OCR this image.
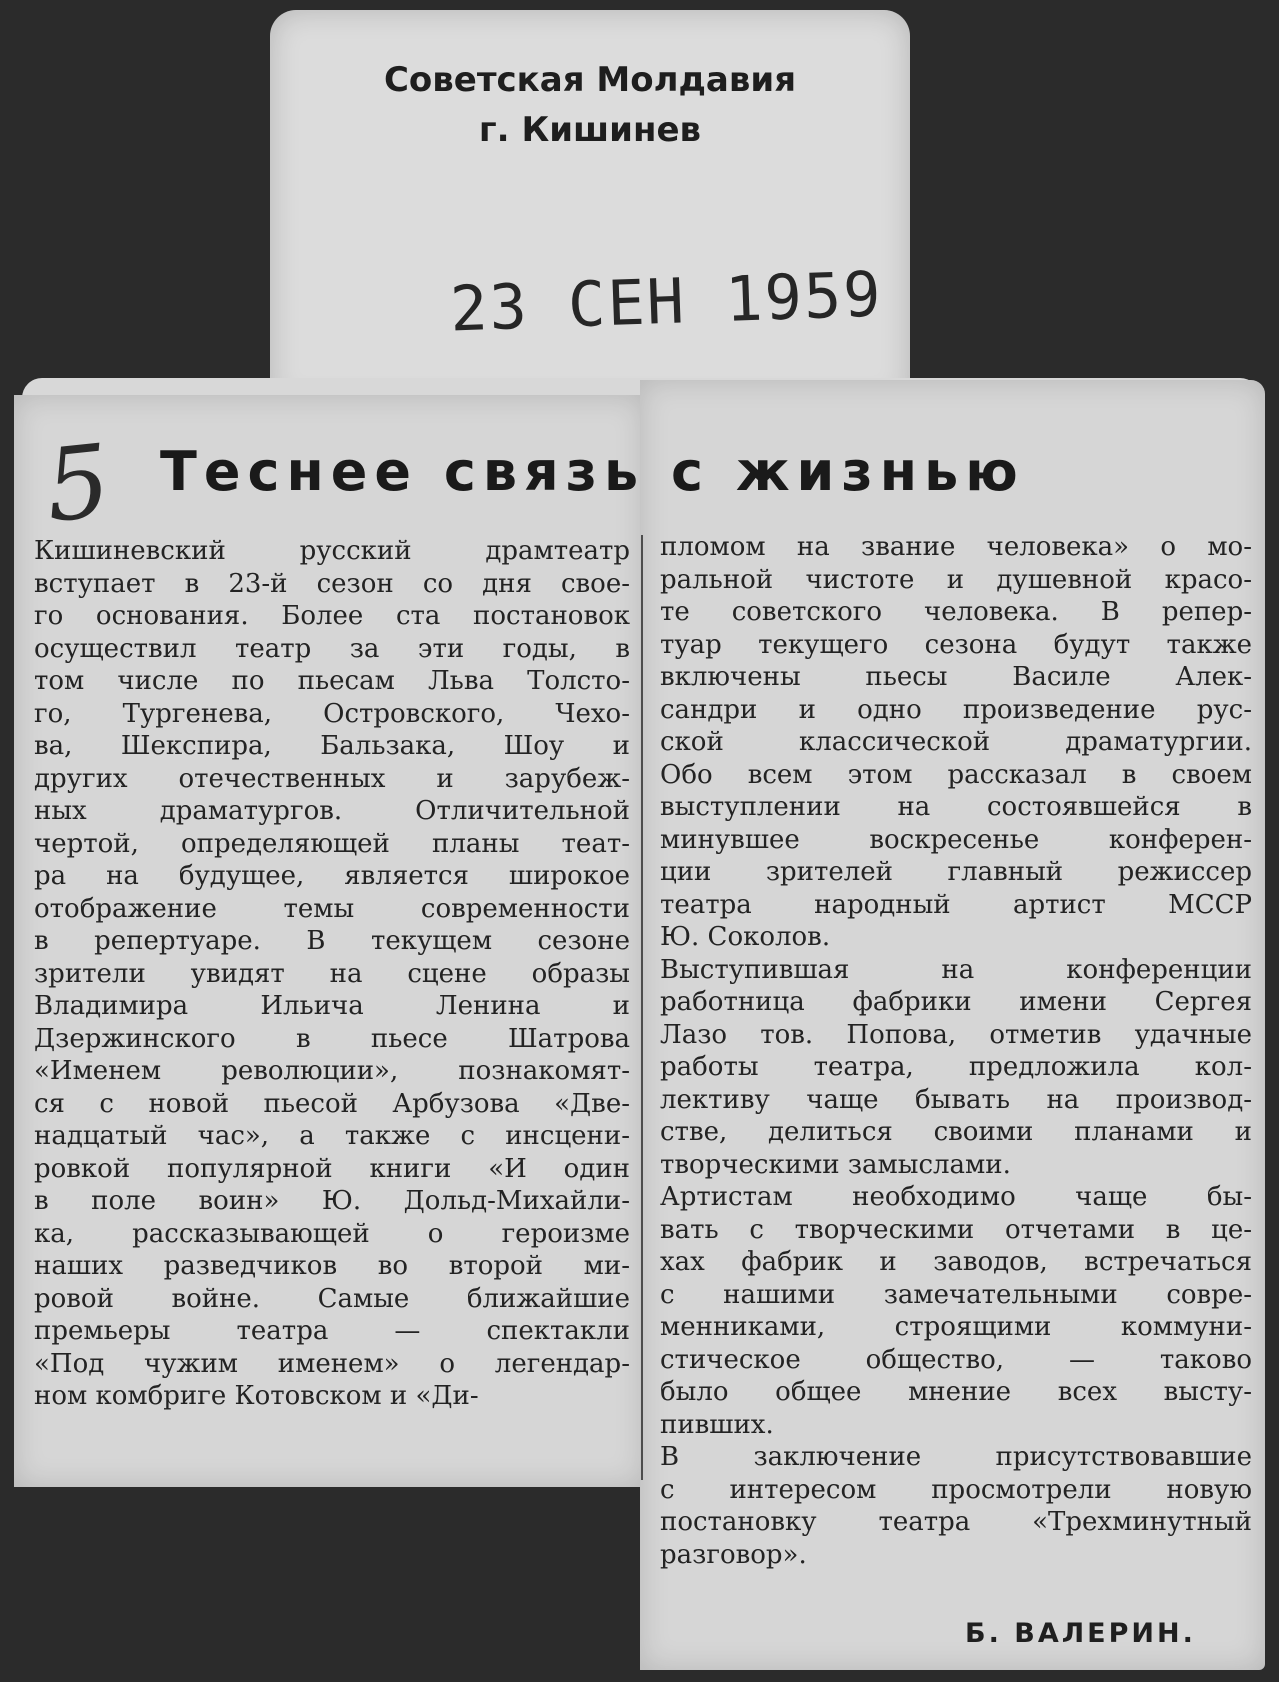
Советская Молдавия
г. Кишинев
23 СЕН 1959
5 Теснее связь с жизнью
Кишиневский русский драмтеатр
вступает в 23-й сезон со дня свое-
го основания. Более ста постановок
осуществил театр за эти годы, в
том числе по пьесам Льва Толсто-
го, Тургенева, Островского, Чехо-
ва, Шекспира, Бальзака, Шоу и
других отечественных и зарубеж-
ных драматургов. Отличительной
чертой, определяющей планы теат-
ра на будущее, является широкое
отображение темы современности
в репертуаре. В текущем сезоне
зрители увидят на сцене образы
Владимира Ильича Ленина и
Дзержинского в пьесе Шатрова
«Именем революции», познакомят-
ся с новой пьесой Арбузова «Две-
надцатый час», а также с инсцени-
ровкой популярной книги «И один
в поле воин» Ю. Дольд-Михайли-
ка, рассказывающей о героизме
наших разведчиков во второй ми-
ровой войне. Самые ближайшие
премьеры театра — спектакли
«Под чужим именем» о легендар-
ном комбриге Котовском и «Ди-
пломом на звание человека» о мо-
ральной чистоте и душевной красо-
те советского человека. В репер-
туар текущего сезона будут также
включены пьесы Василе Алек-
сандри и одно произведение рус-
ской классической драматургии.
Обо всем этом рассказал в своем
выступлении на состоявшейся в
минувшее воскресенье конферен-
ции зрителей главный режиссер
театра народный артист МССР
Ю. Соколов.
Выступившая на конференции
работница фабрики имени Сергея
Лазо тов. Попова, отметив удачные
работы театра, предложила кол-
лективу чаще бывать на производ-
стве, делиться своими планами и
творческими замыслами.
Артистам необходимо чаще бы-
вать с творческими отчетами в це-
хах фабрик и заводов, встречаться
с нашими замечательными совре-
менниками, строящими коммуни-
стическое общество, — таково
было общее мнение всех высту-
пивших.
В заключение присутствовавшие
с интересом просмотрели новую
постановку театра «Трехминутный
разговор».
Б. ВАЛЕРИН.
